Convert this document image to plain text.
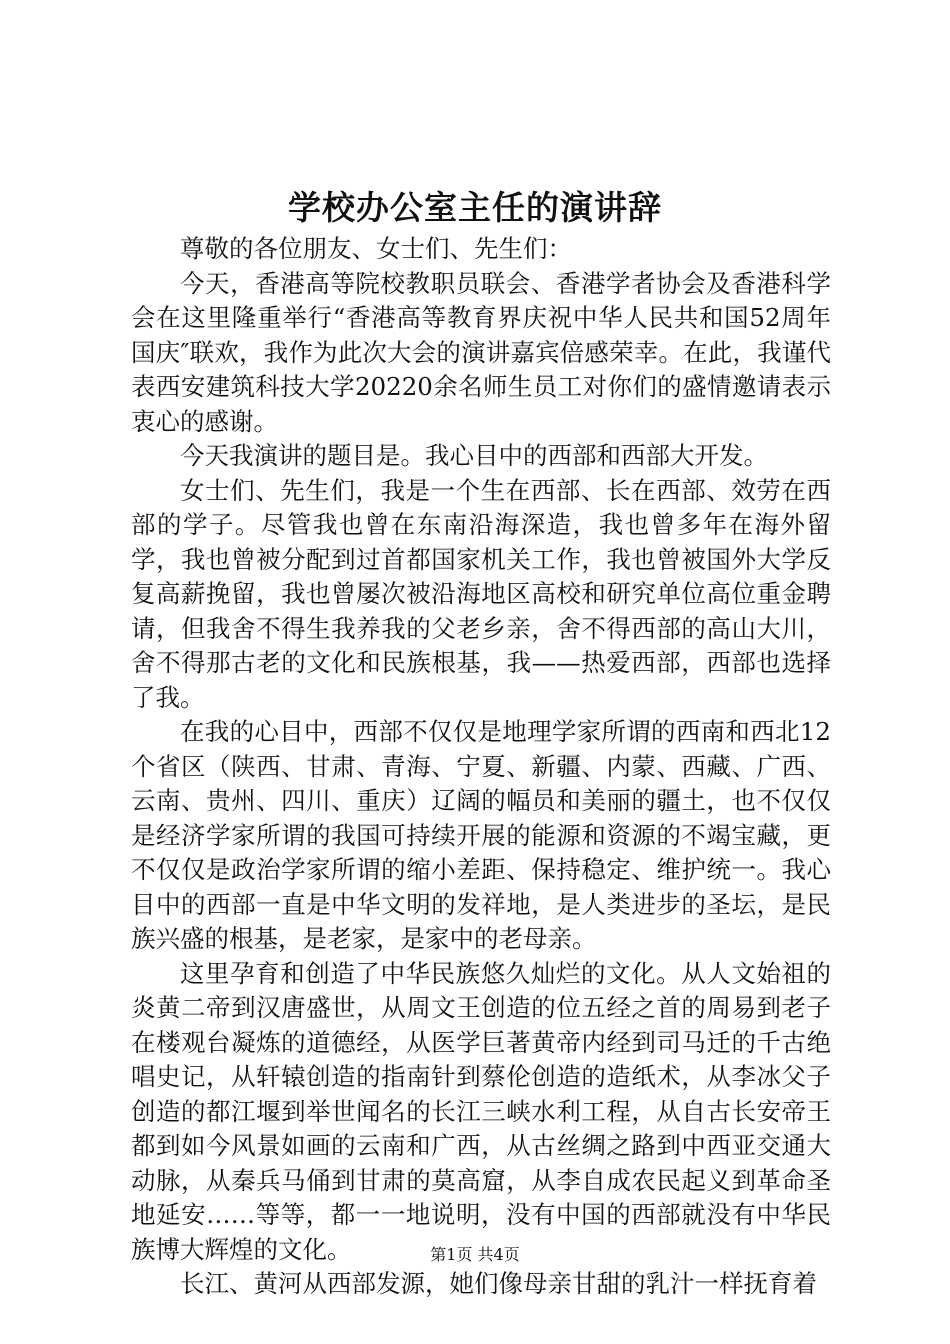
学校办公室主任的演讲辞

尊敬的各位朋友、女士们、先生们：

今天，香港高等院校教职员联会、香港学者协会及香港科学会在这里隆重举行“香港高等教育界庆祝中华人民共和国52周年国庆″联欢，我作为此次大会的演讲嘉宾倍感荣幸。在此，我谨代表西安建筑科技大学20220余名师生员工对你们的盛情邀请表示衷心的感谢。

今天我演讲的题目是。我心目中的西部和西部大开发。

女士们、先生们，我是一个生在西部、长在西部、效劳在西部的学子。尽管我也曾在东南沿海深造，我也曾多年在海外留学，我也曾被分配到过首都国家机关工作，我也曾被国外大学反复高薪挽留，我也曾屡次被沿海地区高校和研究单位高位重金聘请，但我舍不得生我养我的父老乡亲，舍不得西部的高山大川，舍不得那古老的文化和民族根基，我——热爱西部，西部也选择了我。

在我的心目中，西部不仅仅是地理学家所谓的西南和西北12个省区（陕西、甘肃、青海、宁夏、新疆、内蒙、西藏、广西、云南、贵州、四川、重庆）辽阔的幅员和美丽的疆土，也不仅仅是经济学家所谓的我国可持续开展的能源和资源的不竭宝藏，更不仅仅是政治学家所谓的缩小差距、保持稳定、维护统一。我心目中的西部一直是中华文明的发祥地，是人类进步的圣坛，是民族兴盛的根基，是老家，是家中的老母亲。

这里孕育和创造了中华民族悠久灿烂的文化。从人文始祖的炎黄二帝到汉唐盛世，从周文王创造的位五经之首的周易到老子在楼观台凝炼的道德经，从医学巨著黄帝内经到司马迁的千古绝唱史记，从轩辕创造的指南针到蔡伦创造的造纸术，从李冰父子创造的都江堰到举世闻名的长江三峡水利工程，从自古长安帝王都到如今风景如画的云南和广西，从古丝绸之路到中西亚交通大动脉，从秦兵马俑到甘肃的莫高窟，从李自成农民起义到革命圣地延安……等等，都一一地说明，没有中国的西部就没有中华民族博大辉煌的文化。

长江、黄河从西部发源，她们像母亲甘甜的乳汁一样抚育着

第1页 共4页
